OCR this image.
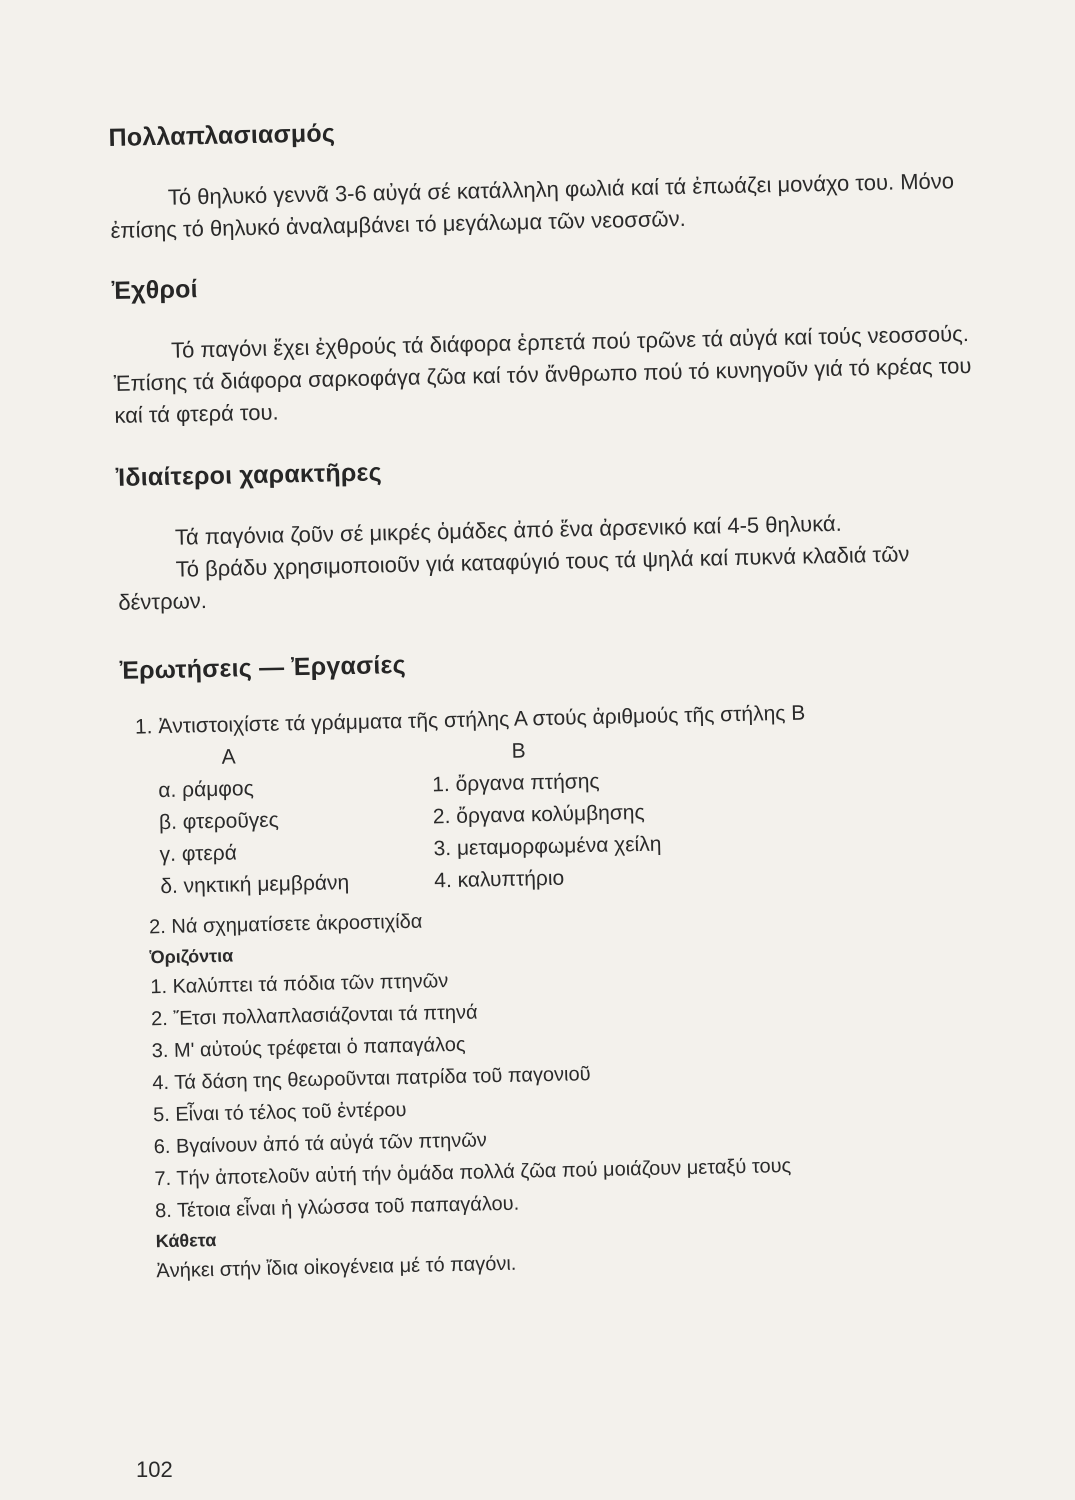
Πολλαπλασιασμός

Τό θηλυκό γεννᾶ 3-6 αὐγά σέ κατάλληλη φωλιά καί τά ἐπωάζει μονάχο του. Μόνο ἐπίσης τό θηλυκό ἀναλαμβάνει τό μεγάλωμα τῶν νεοσσῶν.

Ἐχθροί

Τό παγόνι ἔχει ἐχθρούς τά διάφορα ἑρπετά πού τρῶνε τά αὐγά καί τούς νεοσσούς. Ἐπίσης τά διάφορα σαρκοφάγα ζῶα καί τόν ἄνθρωπο πού τό κυνηγοῦν γιά τό κρέας του καί τά φτερά του.

Ἰδιαίτεροι χαρακτῆρες

Τά παγόνια ζοῦν σέ μικρές ὁμάδες ἀπό ἕνα ἀρσενικό καί 4-5 θηλυκά.

Τό βράδυ χρησιμοποιοῦν γιά καταφύγιό τους τά ψηλά καί πυκνά κλαδιά τῶν δέντρων.

Ἐρωτήσεις — Ἐργασίες

1. Ἀντιστοιχίστε τά γράμματα τῆς στήλης Α στούς ἀριθμούς τῆς στήλης Β

Α	Β
α. ράμφος	1. ὄργανα πτήσης
β. φτεροῦγες	2. ὄργανα κολύμβησης
γ. φτερά	3. μεταμορφωμένα χείλη
δ. νηκτική μεμβράνη	4. καλυπτήριο

2. Νά σχηματίσετε ἀκροστιχίδα

Ὁριζόντια

1. Καλύπτει τά πόδια τῶν πτηνῶν

2. Ἔτσι πολλαπλασιάζονται τά πτηνά

3. Μ' αὐτούς τρέφεται ὁ παπαγάλος

4. Τά δάση της θεωροῦνται πατρίδα τοῦ παγονιοῦ

5. Εἶναι τό τέλος τοῦ ἐντέρου

6. Βγαίνουν ἀπό τά αὐγά τῶν πτηνῶν

7. Τήν ἀποτελοῦν αὐτή τήν ὁμάδα πολλά ζῶα πού μοιάζουν μεταξύ τους

8. Τέτοια εἶναι ἡ γλώσσα τοῦ παπαγάλου.

Κάθετα

Ἀνήκει στήν ἴδια οἰκογένεια μέ τό παγόνι.

102
